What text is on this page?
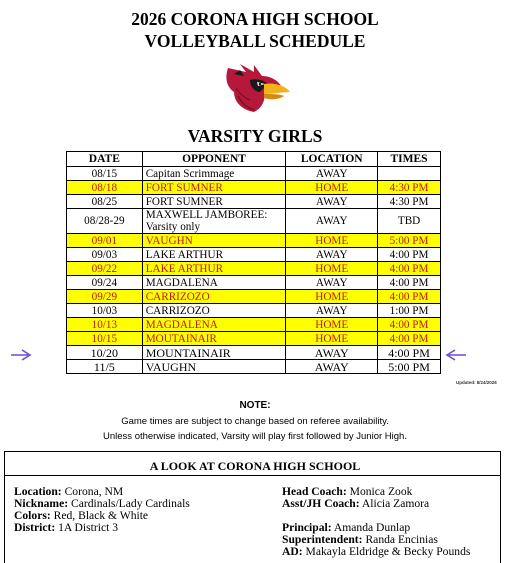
2026 CORONA HIGH SCHOOL
VOLLEYBALL SCHEDULE
VARSITY GIRLS
DATE	OPPONENT	LOCATION	TIMES
08/15	Capitan Scrimmage	AWAY	
08/18	FORT SUMNER	HOME	4:30 PM
08/25	FORT SUMNER	AWAY	4:30 PM
08/28-29	MAXWELL JAMBOREE: Varsity only	AWAY	TBD
09/01	VAUGHN	HOME	5:00 PM
09/03	LAKE ARTHUR	AWAY	4:00 PM
09/22	LAKE ARTHUR	HOME	4:00 PM
09/24	MAGDALENA	AWAY	4:00 PM
09/29	CARRIZOZO	HOME	4:00 PM
10/03	CARRIZOZO	AWAY	1:00 PM
10/13	MAGDALENA	HOME	4:00 PM
10/15	MOUTAINAIR	HOME	4:00 PM
10/20	MOUNTAINAIR	AWAY	4:00 PM
11/5	VAUGHN	AWAY	5:00 PM
Updated: 8/24/2026
NOTE:
Game times are subject to change based on referee availability.
Unless otherwise indicated, Varsity will play first followed by Junior High.
A LOOK AT CORONA HIGH SCHOOL
Location: Corona, NM
Nickname: Cardinals/Lady Cardinals
Colors: Red, Black & White
District: 1A District 3
Head Coach: Monica Zook
Asst/JH Coach: Alicia Zamora
Principal: Amanda Dunlap
Superintendent: Randa Encinias
AD: Makayla Eldridge & Becky Pounds
